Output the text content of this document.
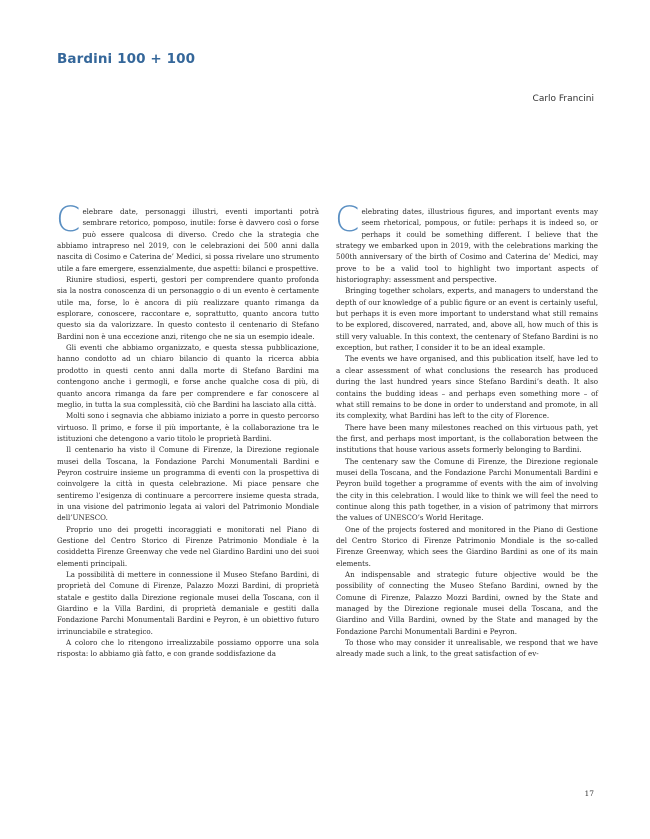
Bardini 100 + 100
Carlo Francini

Celebrare date, personaggi illustri, eventi importanti potrà sembrare retorico, pomposo, inutile: forse è davvero così o forse può essere qualcosa di diverso. Credo che la strategia che abbiamo intrapreso nel 2019, con le celebrazioni dei 500 anni dalla nascita di Cosimo e Caterina de’ Medici, si possa rivelare uno strumento utile a fare emergere, essenzialmente, due aspetti: bilanci e prospettive.

Riunire studiosi, esperti, gestori per comprendere quanto profonda sia la nostra conoscenza di un personaggio o di un evento è certamente utile ma, forse, lo è ancora di più realizzare quanto rimanga da esplorare, conoscere, raccontare e, soprattutto, quanto ancora tutto questo sia da valorizzare. In questo contesto il centenario di Stefano Bardini non è una eccezione anzi, ritengo che ne sia un esempio ideale.

Gli eventi che abbiamo organizzato, e questa stessa pubblicazione, hanno condotto ad un chiaro bilancio di quanto la ricerca abbia prodotto in questi cento anni dalla morte di Stefano Bardini ma contengono anche i germogli, e forse anche qualche cosa di più, di quanto ancora rimanga da fare per comprendere e far conoscere al meglio, in tutta la sua complessità, ciò che Bardini ha lasciato alla città.

Molti sono i segnavia che abbiamo iniziato a porre in questo percorso virtuoso. Il primo, e forse il più importante, è la collaborazione tra le istituzioni che detengono a vario titolo le proprietà Bardini.

Il centenario ha visto il Comune di Firenze, la Direzione regionale musei della Toscana, la Fondazione Parchi Monumentali Bardini e Peyron costruire insieme un programma di eventi con la prospettiva di coinvolgere la città in questa celebrazione. Mi piace pensare che sentiremo l’esigenza di continuare a percorrere insieme questa strada, in una visione del patrimonio legata ai valori del Patrimonio Mondiale dell’UNESCO.

Proprio uno dei progetti incoraggiati e monitorati nel Piano di Gestione del Centro Storico di Firenze Patrimonio Mondiale è la cosiddetta Firenze Greenway che vede nel Giardino Bardini uno dei suoi elementi principali.

La possibilità di mettere in connessione il Museo Stefano Bardini, di proprietà del Comune di Firenze, Palazzo Mozzi Bardini, di proprietà statale e gestito dalla Direzione regionale musei della Toscana, con il Giardino e la Villa Bardini, di proprietà demaniale e gestiti dalla Fondazione Parchi Monumentali Bardini e Peyron, è un obiettivo futuro irrinunciabile e strategico.

A coloro che lo ritengono irrealizzabile possiamo opporre una sola risposta: lo abbiamo già fatto, e con grande soddisfazione da

Celebrating dates, illustrious figures, and important events may seem rhetorical, pompous, or futile: perhaps it is indeed so, or perhaps it could be something different. I believe that the strategy we embarked upon in 2019, with the celebrations marking the 500th anniversary of the birth of Cosimo and Caterina de’ Medici, may prove to be a valid tool to highlight two important aspects of historiography: assessment and perspective.

Bringing together scholars, experts, and managers to understand the depth of our knowledge of a public figure or an event is certainly useful, but perhaps it is even more important to understand what still remains to be explored, discovered, narrated, and, above all, how much of this is still very valuable. In this context, the centenary of Stefano Bardini is no exception, but rather, I consider it to be an ideal example.

The events we have organised, and this publication itself, have led to a clear assessment of what conclusions the research has produced during the last hundred years since Stefano Bardini’s death. It also contains the budding ideas – and perhaps even something more – of what still remains to be done in order to understand and promote, in all its complexity, what Bardini has left to the city of Florence.

There have been many milestones reached on this virtuous path, yet the first, and perhaps most important, is the collaboration between the institutions that house various assets formerly belonging to Bardini.

The centenary saw the Comune di Firenze, the Direzione regionale musei della Toscana, and the Fondazione Parchi Monumentali Bardini e Peyron build together a programme of events with the aim of involving the city in this celebration. I would like to think we will feel the need to continue along this path together, in a vision of patrimony that mirrors the values of UNESCO’s World Heritage.

One of the projects fostered and monitored in the Piano di Gestione del Centro Storico di Firenze Patrimonio Mondiale is the so-called Firenze Greenway, which sees the Giardino Bardini as one of its main elements.

An indispensable and strategic future objective would be the possibility of connecting the Museo Stefano Bardini, owned by the Comune di Firenze, Palazzo Mozzi Bardini, owned by the State and managed by the Direzione regionale musei della Toscana, and the Giardino and Villa Bardini, owned by the State and managed by the Fondazione Parchi Monumentali Bardini e Peyron.

To those who may consider it unrealisable, we respond that we have already made such a link, to the great satisfaction of ev-

17
